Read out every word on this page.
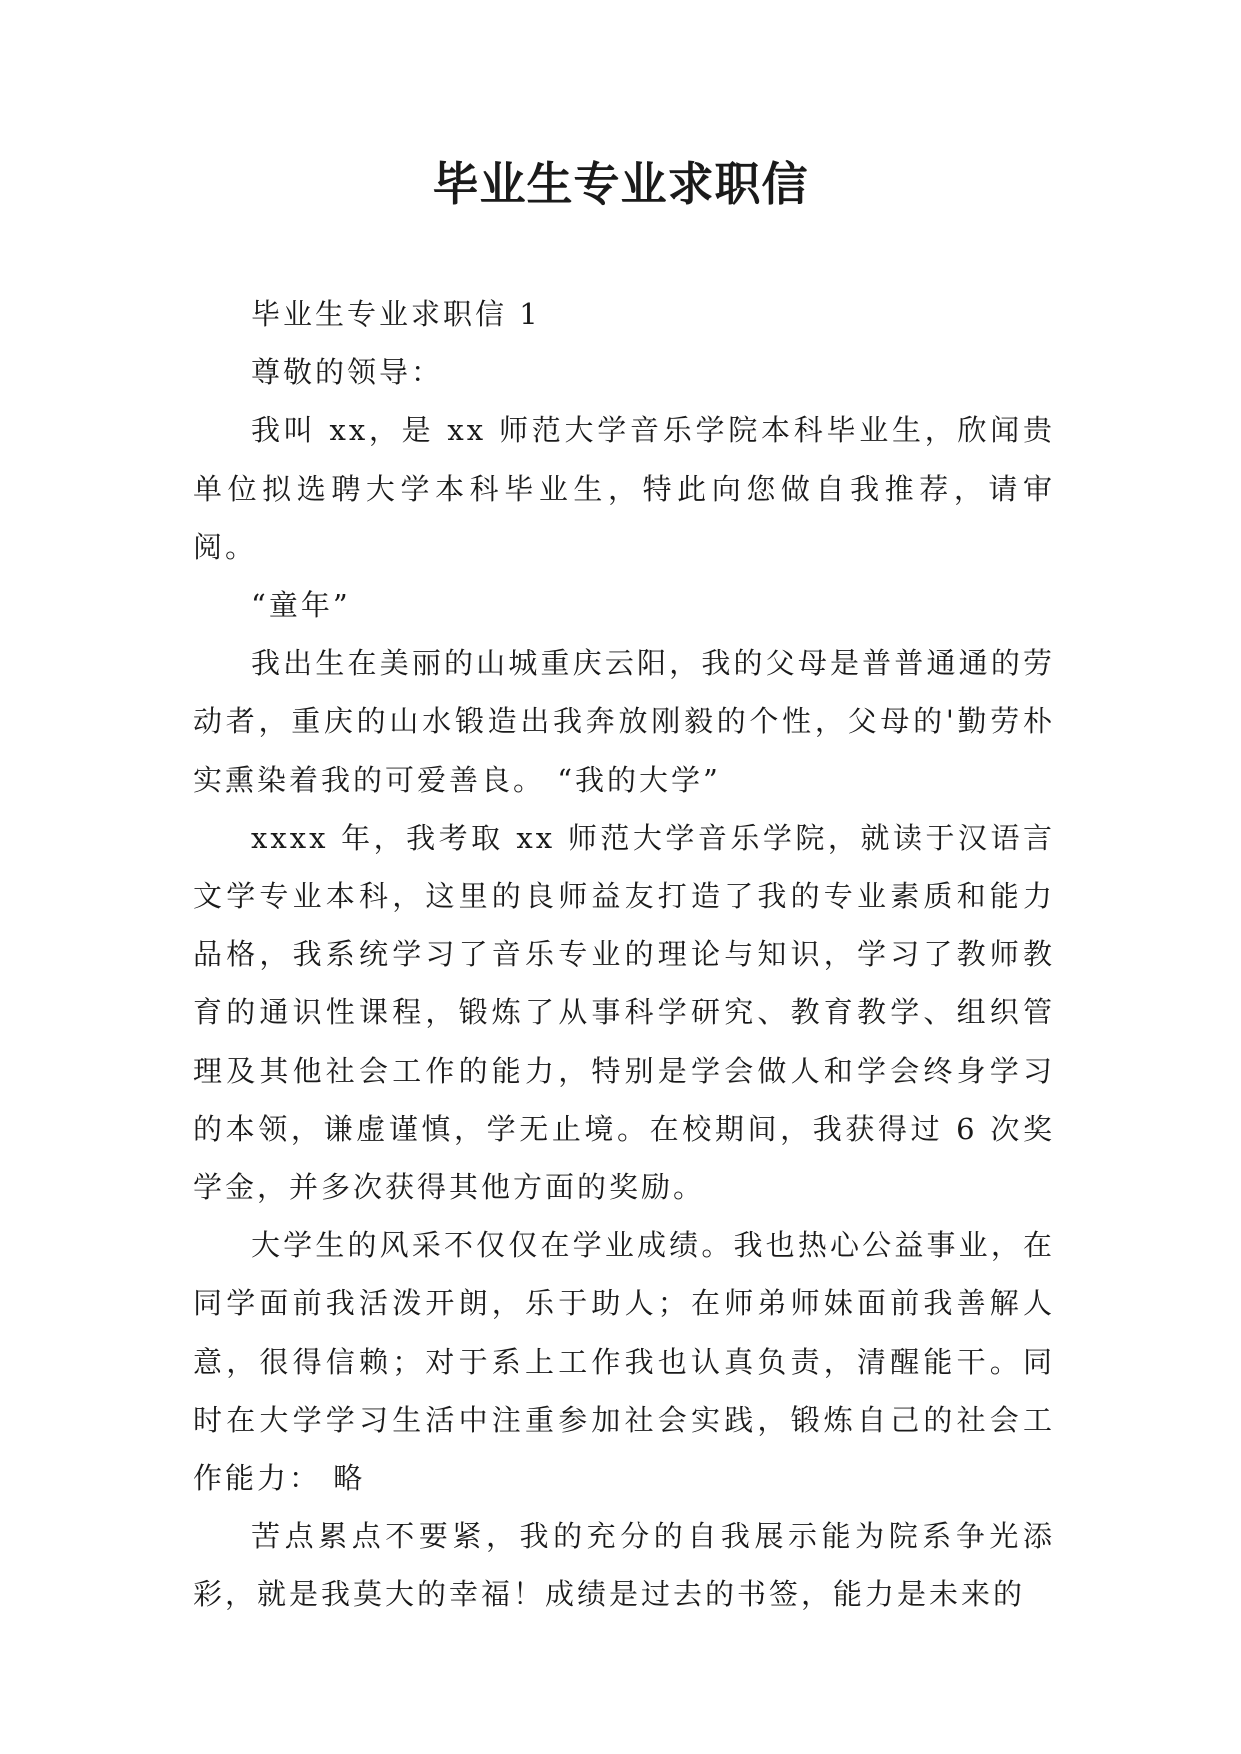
毕业生专业求职信

毕业生专业求职信 1

尊敬的领导：

我叫 xx，是 xx 师范大学音乐学院本科毕业生，欣闻贵单位拟选聘大学本科毕业生，特此向您做自我推荐，请审阅。

“童年”

我出生在美丽的山城重庆云阳，我的父母是普普通通的劳动者，重庆的山水锻造出我奔放刚毅的个性，父母的'勤劳朴实熏染着我的可爱善良。 “我的大学”

xxxx 年，我考取 xx 师范大学音乐学院，就读于汉语言文学专业本科，这里的良师益友打造了我的专业素质和能力品格，我系统学习了音乐专业的理论与知识，学习了教师教育的通识性课程，锻炼了从事科学研究、教育教学、组织管理及其他社会工作的能力，特别是学会做人和学会终身学习的本领，谦虚谨慎，学无止境。在校期间，我获得过 6 次奖学金，并多次获得其他方面的奖励。

大学生的风采不仅仅在学业成绩。我也热心公益事业，在同学面前我活泼开朗，乐于助人；在师弟师妹面前我善解人意，很得信赖；对于系上工作我也认真负责，清醒能干。同时在大学学习生活中注重参加社会实践，锻炼自己的社会工作能力： 略

苦点累点不要紧，我的充分的自我展示能为院系争光添彩，就是我莫大的幸福！成绩是过去的书签，能力是未来的
